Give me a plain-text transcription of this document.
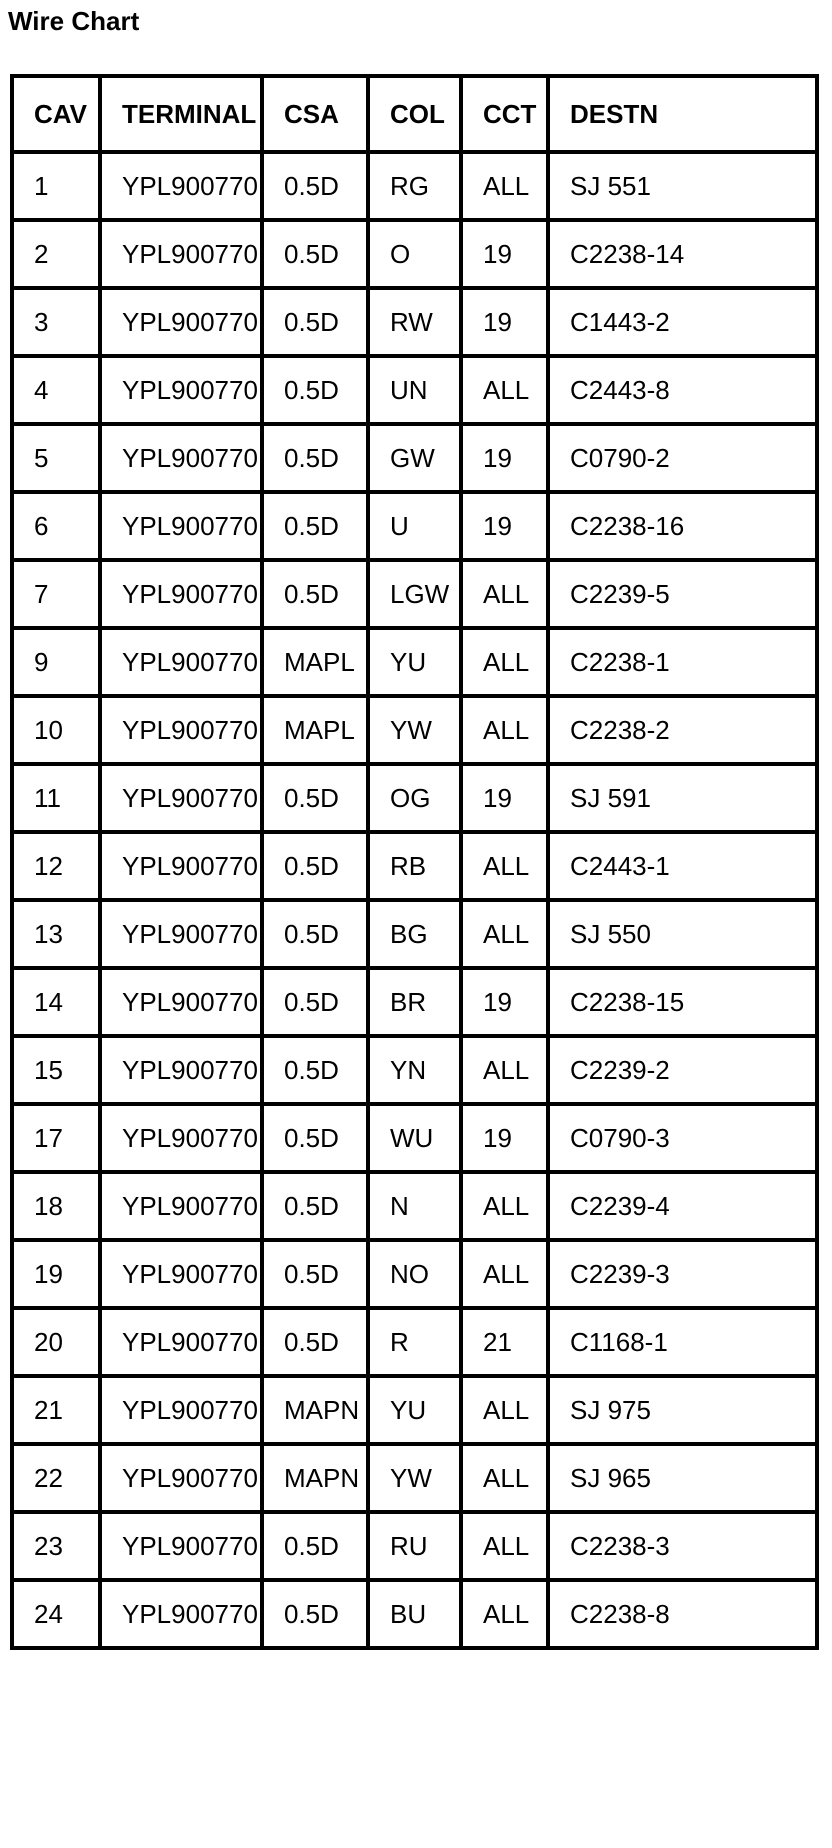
Wire Chart
CAV	TERMINAL	CSA	COL	CCT	DESTN
1	YPL900770	0.5D	RG	ALL	SJ 551
2	YPL900770	0.5D	O	19	C2238-14
3	YPL900770	0.5D	RW	19	C1443-2
4	YPL900770	0.5D	UN	ALL	C2443-8
5	YPL900770	0.5D	GW	19	C0790-2
6	YPL900770	0.5D	U	19	C2238-16
7	YPL900770	0.5D	LGW	ALL	C2239-5
9	YPL900770	MAPL	YU	ALL	C2238-1
10	YPL900770	MAPL	YW	ALL	C2238-2
11	YPL900770	0.5D	OG	19	SJ 591
12	YPL900770	0.5D	RB	ALL	C2443-1
13	YPL900770	0.5D	BG	ALL	SJ 550
14	YPL900770	0.5D	BR	19	C2238-15
15	YPL900770	0.5D	YN	ALL	C2239-2
17	YPL900770	0.5D	WU	19	C0790-3
18	YPL900770	0.5D	N	ALL	C2239-4
19	YPL900770	0.5D	NO	ALL	C2239-3
20	YPL900770	0.5D	R	21	C1168-1
21	YPL900770	MAPN	YU	ALL	SJ 975
22	YPL900770	MAPN	YW	ALL	SJ 965
23	YPL900770	0.5D	RU	ALL	C2238-3
24	YPL900770	0.5D	BU	ALL	C2238-8
